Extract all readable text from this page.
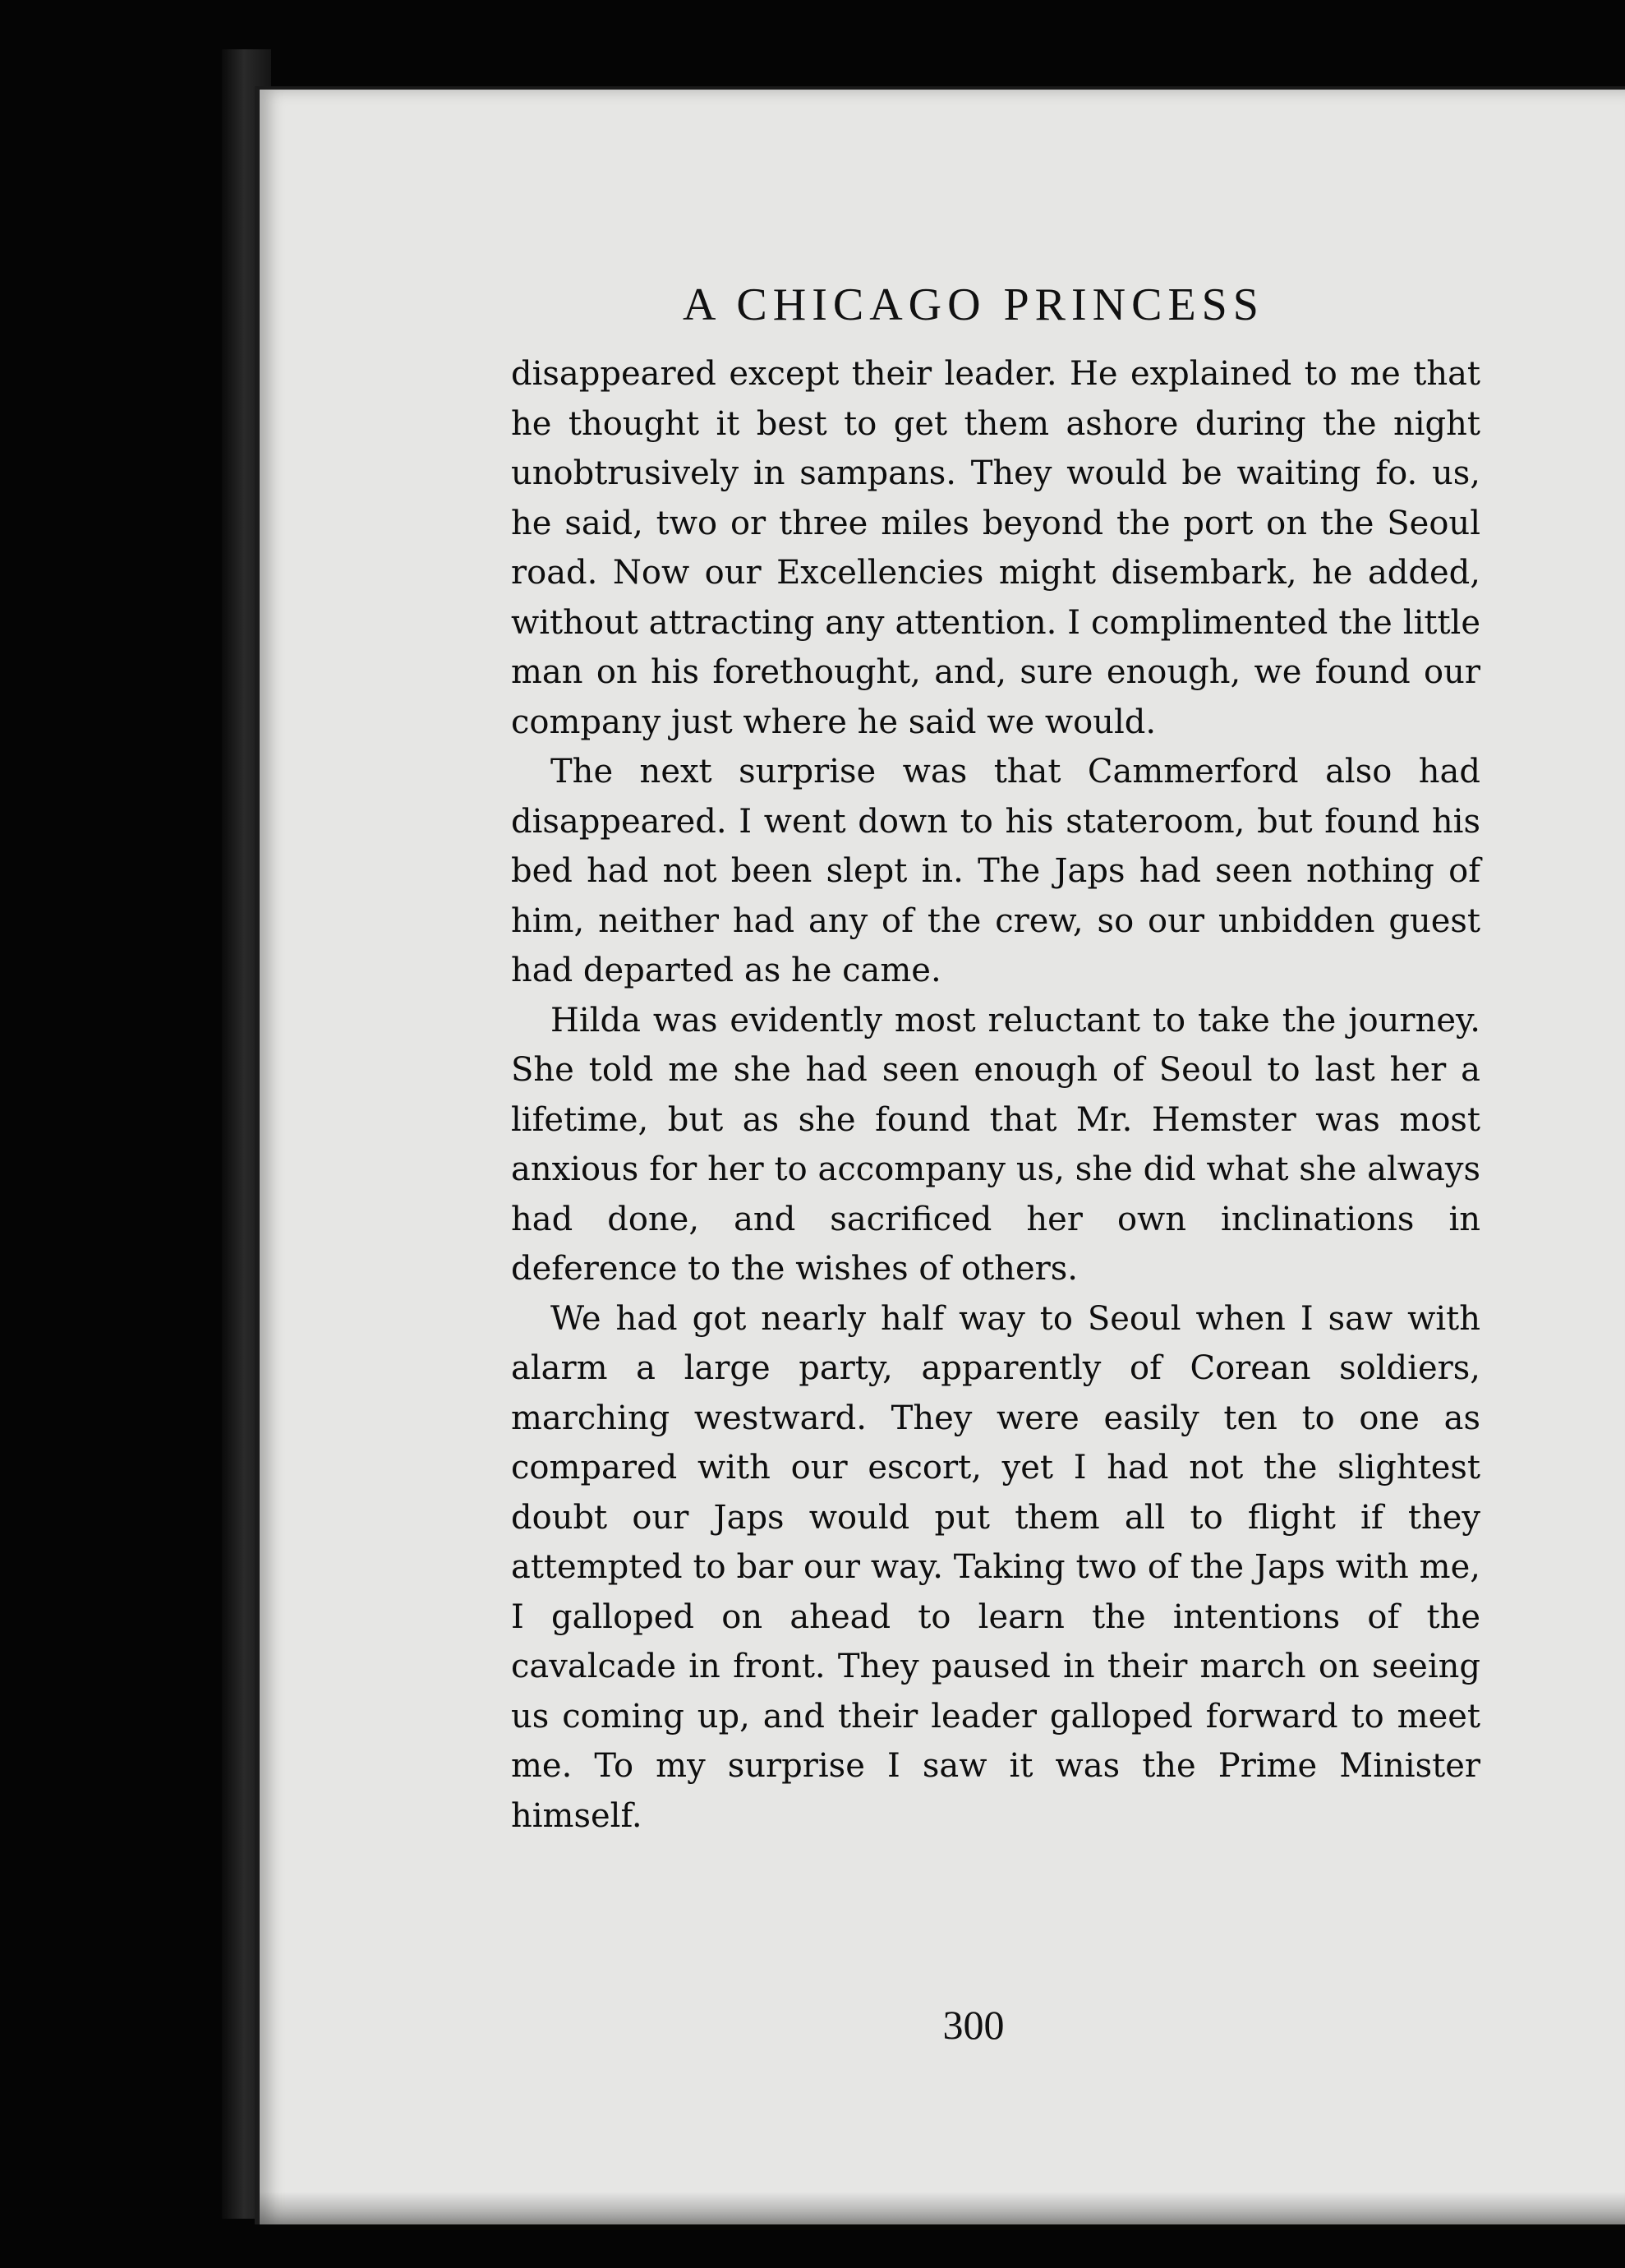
A CHICAGO PRINCESS

disappeared except their leader. He explained to me that he thought it best to get them ashore during the night unobtrusively in sampans. They would be waiting fo. us, he said, two or three miles beyond the port on the Seoul road. Now our Excellencies might disembark, he added, without attracting any attention. I complimented the little man on his forethought, and, sure enough, we found our company just where he said we would.

The next surprise was that Cammerford also had disappeared. I went down to his stateroom, but found his bed had not been slept in. The Japs had seen nothing of him, neither had any of the crew, so our unbidden guest had departed as he came.

Hilda was evidently most reluctant to take the journey. She told me she had seen enough of Seoul to last her a lifetime, but as she found that Mr. Hemster was most anxious for her to accompany us, she did what she always had done, and sacrificed her own inclinations in deference to the wishes of others.

We had got nearly half way to Seoul when I saw with alarm a large party, apparently of Corean soldiers, marching westward. They were easily ten to one as compared with our escort, yet I had not the slightest doubt our Japs would put them all to flight if they attempted to bar our way. Taking two of the Japs with me, I galloped on ahead to learn the intentions of the cavalcade in front. They paused in their march on seeing us coming up, and their leader galloped forward to meet me. To my surprise I saw it was the Prime Minister himself.

300
